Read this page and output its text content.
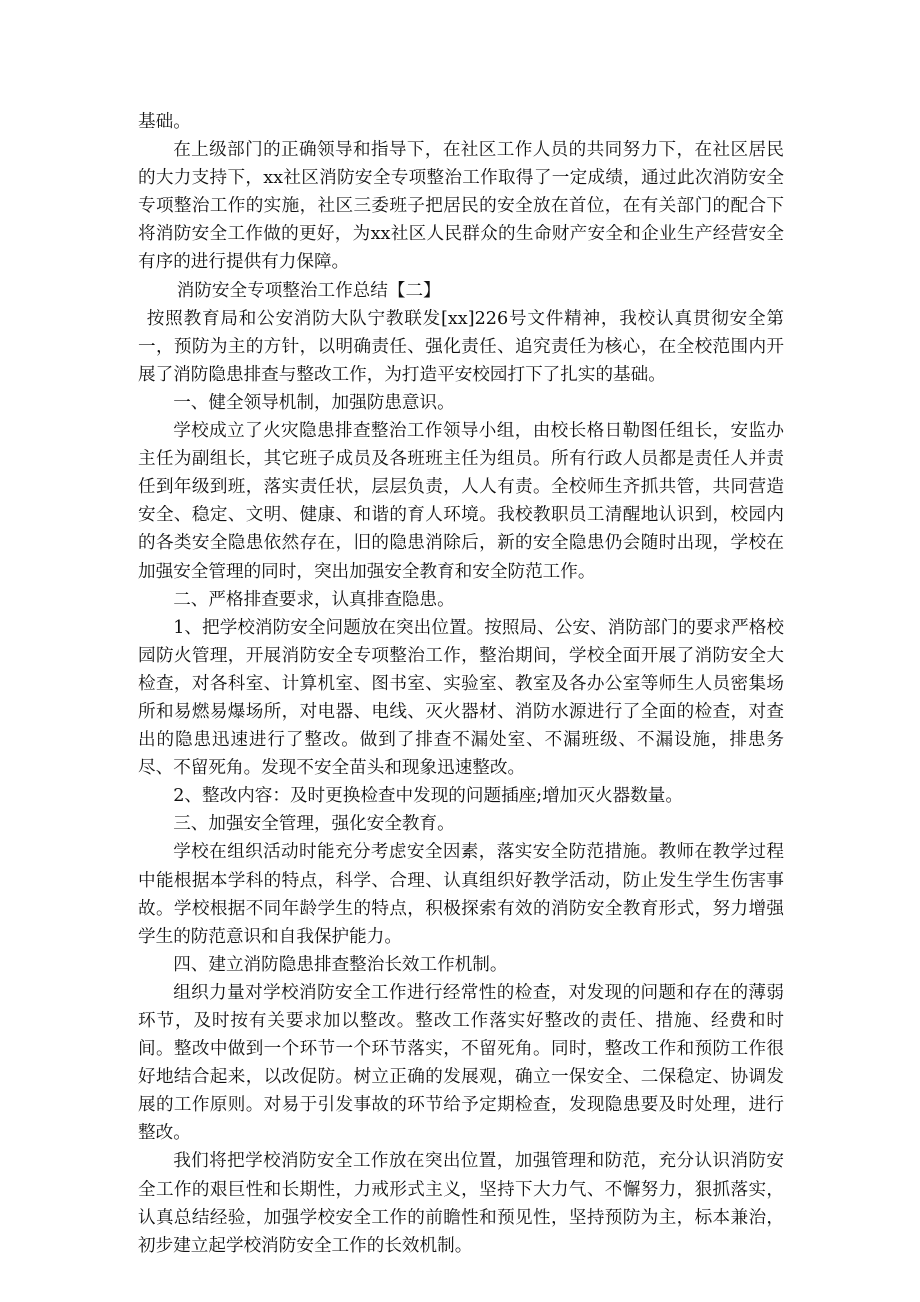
基础。

在上级部门的正确领导和指导下，在社区工作人员的共同努力下，在社区居民的大力支持下，xx社区消防安全专项整治工作取得了一定成绩，通过此次消防安全专项整治工作的实施，社区三委班子把居民的安全放在首位，在有关部门的配合下将消防安全工作做的更好，为xx社区人民群众的生命财产安全和企业生产经营安全有序的进行提供有力保障。

消防安全专项整治工作总结【二】

按照教育局和公安消防大队宁教联发[xx]226号文件精神，我校认真贯彻安全第一，预防为主的方针，以明确责任、强化责任、追究责任为核心，在全校范围内开展了消防隐患排查与整改工作，为打造平安校园打下了扎实的基础。

一、健全领导机制，加强防患意识。

学校成立了火灾隐患排查整治工作领导小组，由校长格日勒图任组长，安监办主任为副组长，其它班子成员及各班班主任为组员。所有行政人员都是责任人并责任到年级到班，落实责任状，层层负责，人人有责。全校师生齐抓共管，共同营造安全、稳定、文明、健康、和谐的育人环境。我校教职员工清醒地认识到，校园内的各类安全隐患依然存在，旧的隐患消除后，新的安全隐患仍会随时出现，学校在加强安全管理的同时，突出加强安全教育和安全防范工作。

二、严格排查要求，认真排查隐患。

1、把学校消防安全问题放在突出位置。按照局、公安、消防部门的要求严格校园防火管理，开展消防安全专项整治工作，整治期间，学校全面开展了消防安全大检查，对各科室、计算机室、图书室、实验室、教室及各办公室等师生人员密集场所和易燃易爆场所，对电器、电线、灭火器材、消防水源进行了全面的检查，对查出的隐患迅速进行了整改。做到了排查不漏处室、不漏班级、不漏设施，排患务尽、不留死角。发现不安全苗头和现象迅速整改。

2、整改内容：及时更换检查中发现的问题插座;增加灭火器数量。

三、加强安全管理，强化安全教育。

学校在组织活动时能充分考虑安全因素，落实安全防范措施。教师在教学过程中能根据本学科的特点，科学、合理、认真组织好教学活动，防止发生学生伤害事故。学校根据不同年龄学生的特点，积极探索有效的消防安全教育形式，努力增强学生的防范意识和自我保护能力。

四、建立消防隐患排查整治长效工作机制。

组织力量对学校消防安全工作进行经常性的检查，对发现的问题和存在的薄弱环节，及时按有关要求加以整改。整改工作落实好整改的责任、措施、经费和时间。整改中做到一个环节一个环节落实，不留死角。同时，整改工作和预防工作很好地结合起来，以改促防。树立正确的发展观，确立一保安全、二保稳定、协调发展的工作原则。对易于引发事故的环节给予定期检查，发现隐患要及时处理，进行整改。

我们将把学校消防安全工作放在突出位置，加强管理和防范，充分认识消防安全工作的艰巨性和长期性，力戒形式主义，坚持下大力气、不懈努力，狠抓落实，认真总结经验，加强学校安全工作的前瞻性和预见性，坚持预防为主，标本兼治，初步建立起学校消防安全工作的长效机制。
